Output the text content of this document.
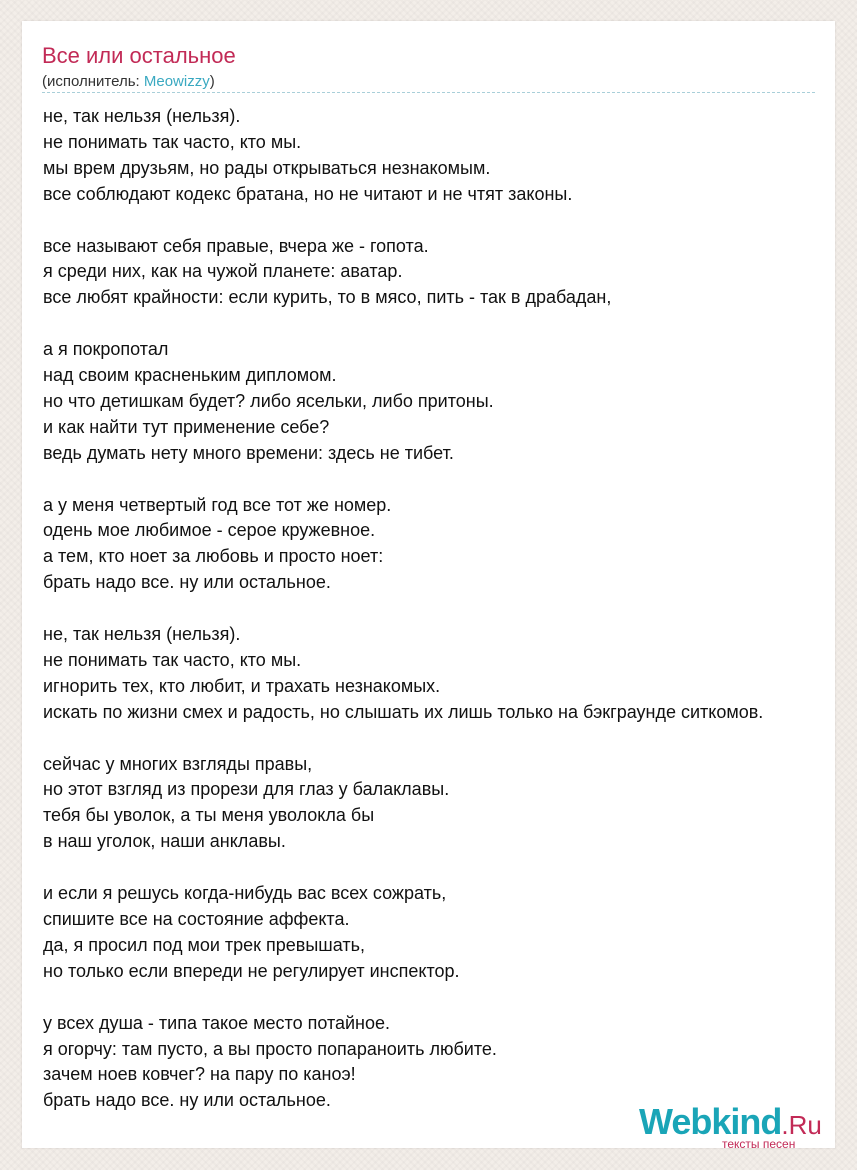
Все или остальное
(исполнитель: Meowizzy)
не, так нельзя (нельзя).
не понимать так часто, кто мы.
мы врем друзьям, но рады открываться незнакомым.
все соблюдают кодекс братана, но не читают и не чтят законы.
все называют себя правые, вчера же - гопота.
я среди них, как на чужой планете: аватар.
все любят крайности: если курить, то в мясо, пить - так в драбадан,
а я покропотал
над своим красненьким дипломом.
но что детишкам будет? либо ясельки, либо притоны.
и как найти тут применение себе?
ведь думать нету много времени: здесь не тибет.
а у меня четвертый год все тот же номер.
одень мое любимое - серое кружевное.
а тем, кто ноет за любовь и просто ноет:
брать надо все. ну или остальное.
не, так нельзя (нельзя).
не понимать так часто, кто мы.
игнорить тех, кто любит, и трахать незнакомых.
искать по жизни смех и радость, но слышать их лишь только на бэкграунде ситкомов.
сейчас у многих взгляды правы,
но этот взгляд из прорези для глаз у балаклавы.
тебя бы уволок, а ты меня уволокла бы
в наш уголок, наши анклавы.
и если я решусь когда-нибудь вас всех сожрать,
спишите все на состояние аффекта.
да, я просил под мои трек превышать,
но только если впереди не регулирует инспектор.
у всех душа - типа такое место потайное.
я огорчу: там пусто, а вы просто попараноить любите.
зачем ноев ковчег? на пару по каноэ!
брать надо все. ну или остальное.
Webkind.Ru
тексты песен
